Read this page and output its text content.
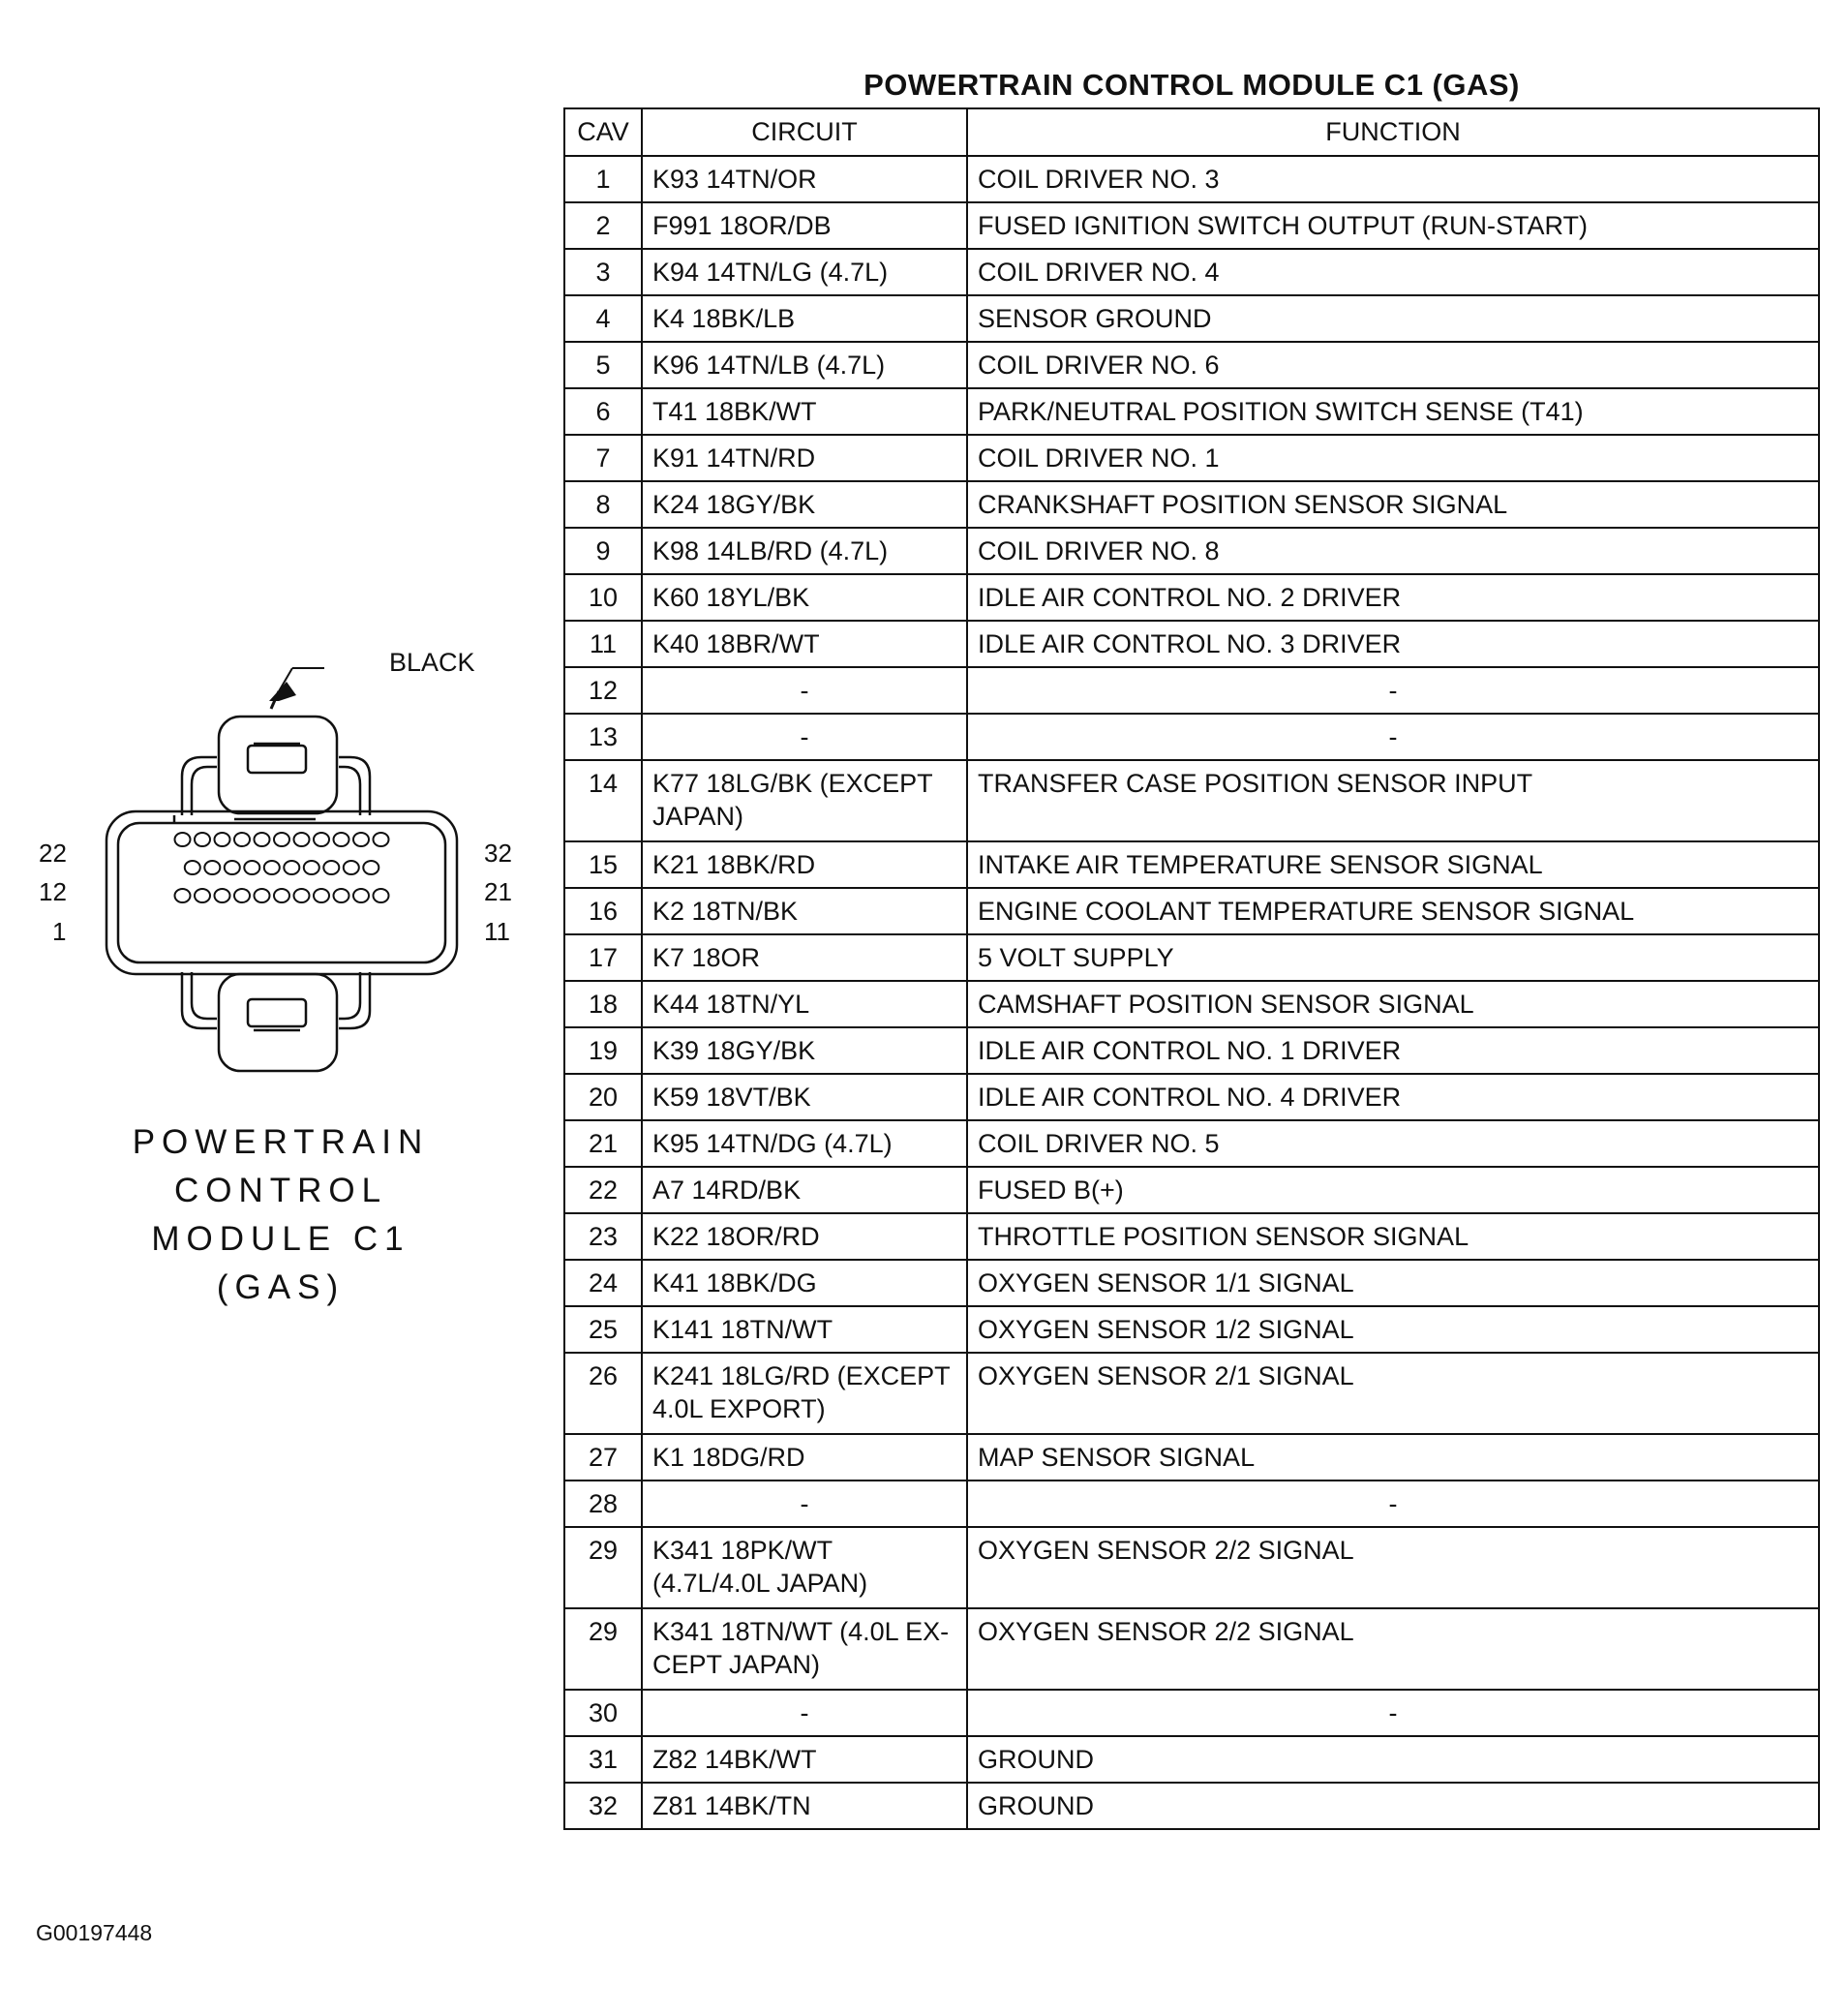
POWERTRAIN CONTROL MODULE C1 (GAS)
CAV	CIRCUIT	FUNCTION
1	K93 14TN/OR	COIL DRIVER NO. 3
2	F991 18OR/DB	FUSED IGNITION SWITCH OUTPUT (RUN-START)
3	K94 14TN/LG (4.7L)	COIL DRIVER NO. 4
4	K4 18BK/LB	SENSOR GROUND
5	K96 14TN/LB (4.7L)	COIL DRIVER NO. 6
6	T41 18BK/WT	PARK/NEUTRAL POSITION SWITCH SENSE (T41)
7	K91 14TN/RD	COIL DRIVER NO. 1
8	K24 18GY/BK	CRANKSHAFT POSITION SENSOR SIGNAL
9	K98 14LB/RD (4.7L)	COIL DRIVER NO. 8
10	K60 18YL/BK	IDLE AIR CONTROL NO. 2 DRIVER
11	K40 18BR/WT	IDLE AIR CONTROL NO. 3 DRIVER
12	-	-
13	-	-
14	K77 18LG/BK (EXCEPT JAPAN)	TRANSFER CASE POSITION SENSOR INPUT
15	K21 18BK/RD	INTAKE AIR TEMPERATURE SENSOR SIGNAL
16	K2 18TN/BK	ENGINE COOLANT TEMPERATURE SENSOR SIGNAL
17	K7 18OR	5 VOLT SUPPLY
18	K44 18TN/YL	CAMSHAFT POSITION SENSOR SIGNAL
19	K39 18GY/BK	IDLE AIR CONTROL NO. 1 DRIVER
20	K59 18VT/BK	IDLE AIR CONTROL NO. 4 DRIVER
21	K95 14TN/DG (4.7L)	COIL DRIVER NO. 5
22	A7 14RD/BK	FUSED B(+)
23	K22 18OR/RD	THROTTLE POSITION SENSOR SIGNAL
24	K41 18BK/DG	OXYGEN SENSOR 1/1 SIGNAL
25	K141 18TN/WT	OXYGEN SENSOR 1/2 SIGNAL
26	K241 18LG/RD (EXCEPT 4.0L EXPORT)	OXYGEN SENSOR 2/1 SIGNAL
27	K1 18DG/RD	MAP SENSOR SIGNAL
28	-	-
29	K341 18PK/WT (4.7L/4.0L JAPAN)	OXYGEN SENSOR 2/2 SIGNAL
29	K341 18TN/WT (4.0L EX-CEPT JAPAN)	OXYGEN SENSOR 2/2 SIGNAL
30	-	-
31	Z82 14BK/WT	GROUND
32	Z81 14BK/TN	GROUND
BLACK
22
12
1
32
21
11
POWERTRAIN
CONTROL
MODULE C1
(GAS)
G00197448
